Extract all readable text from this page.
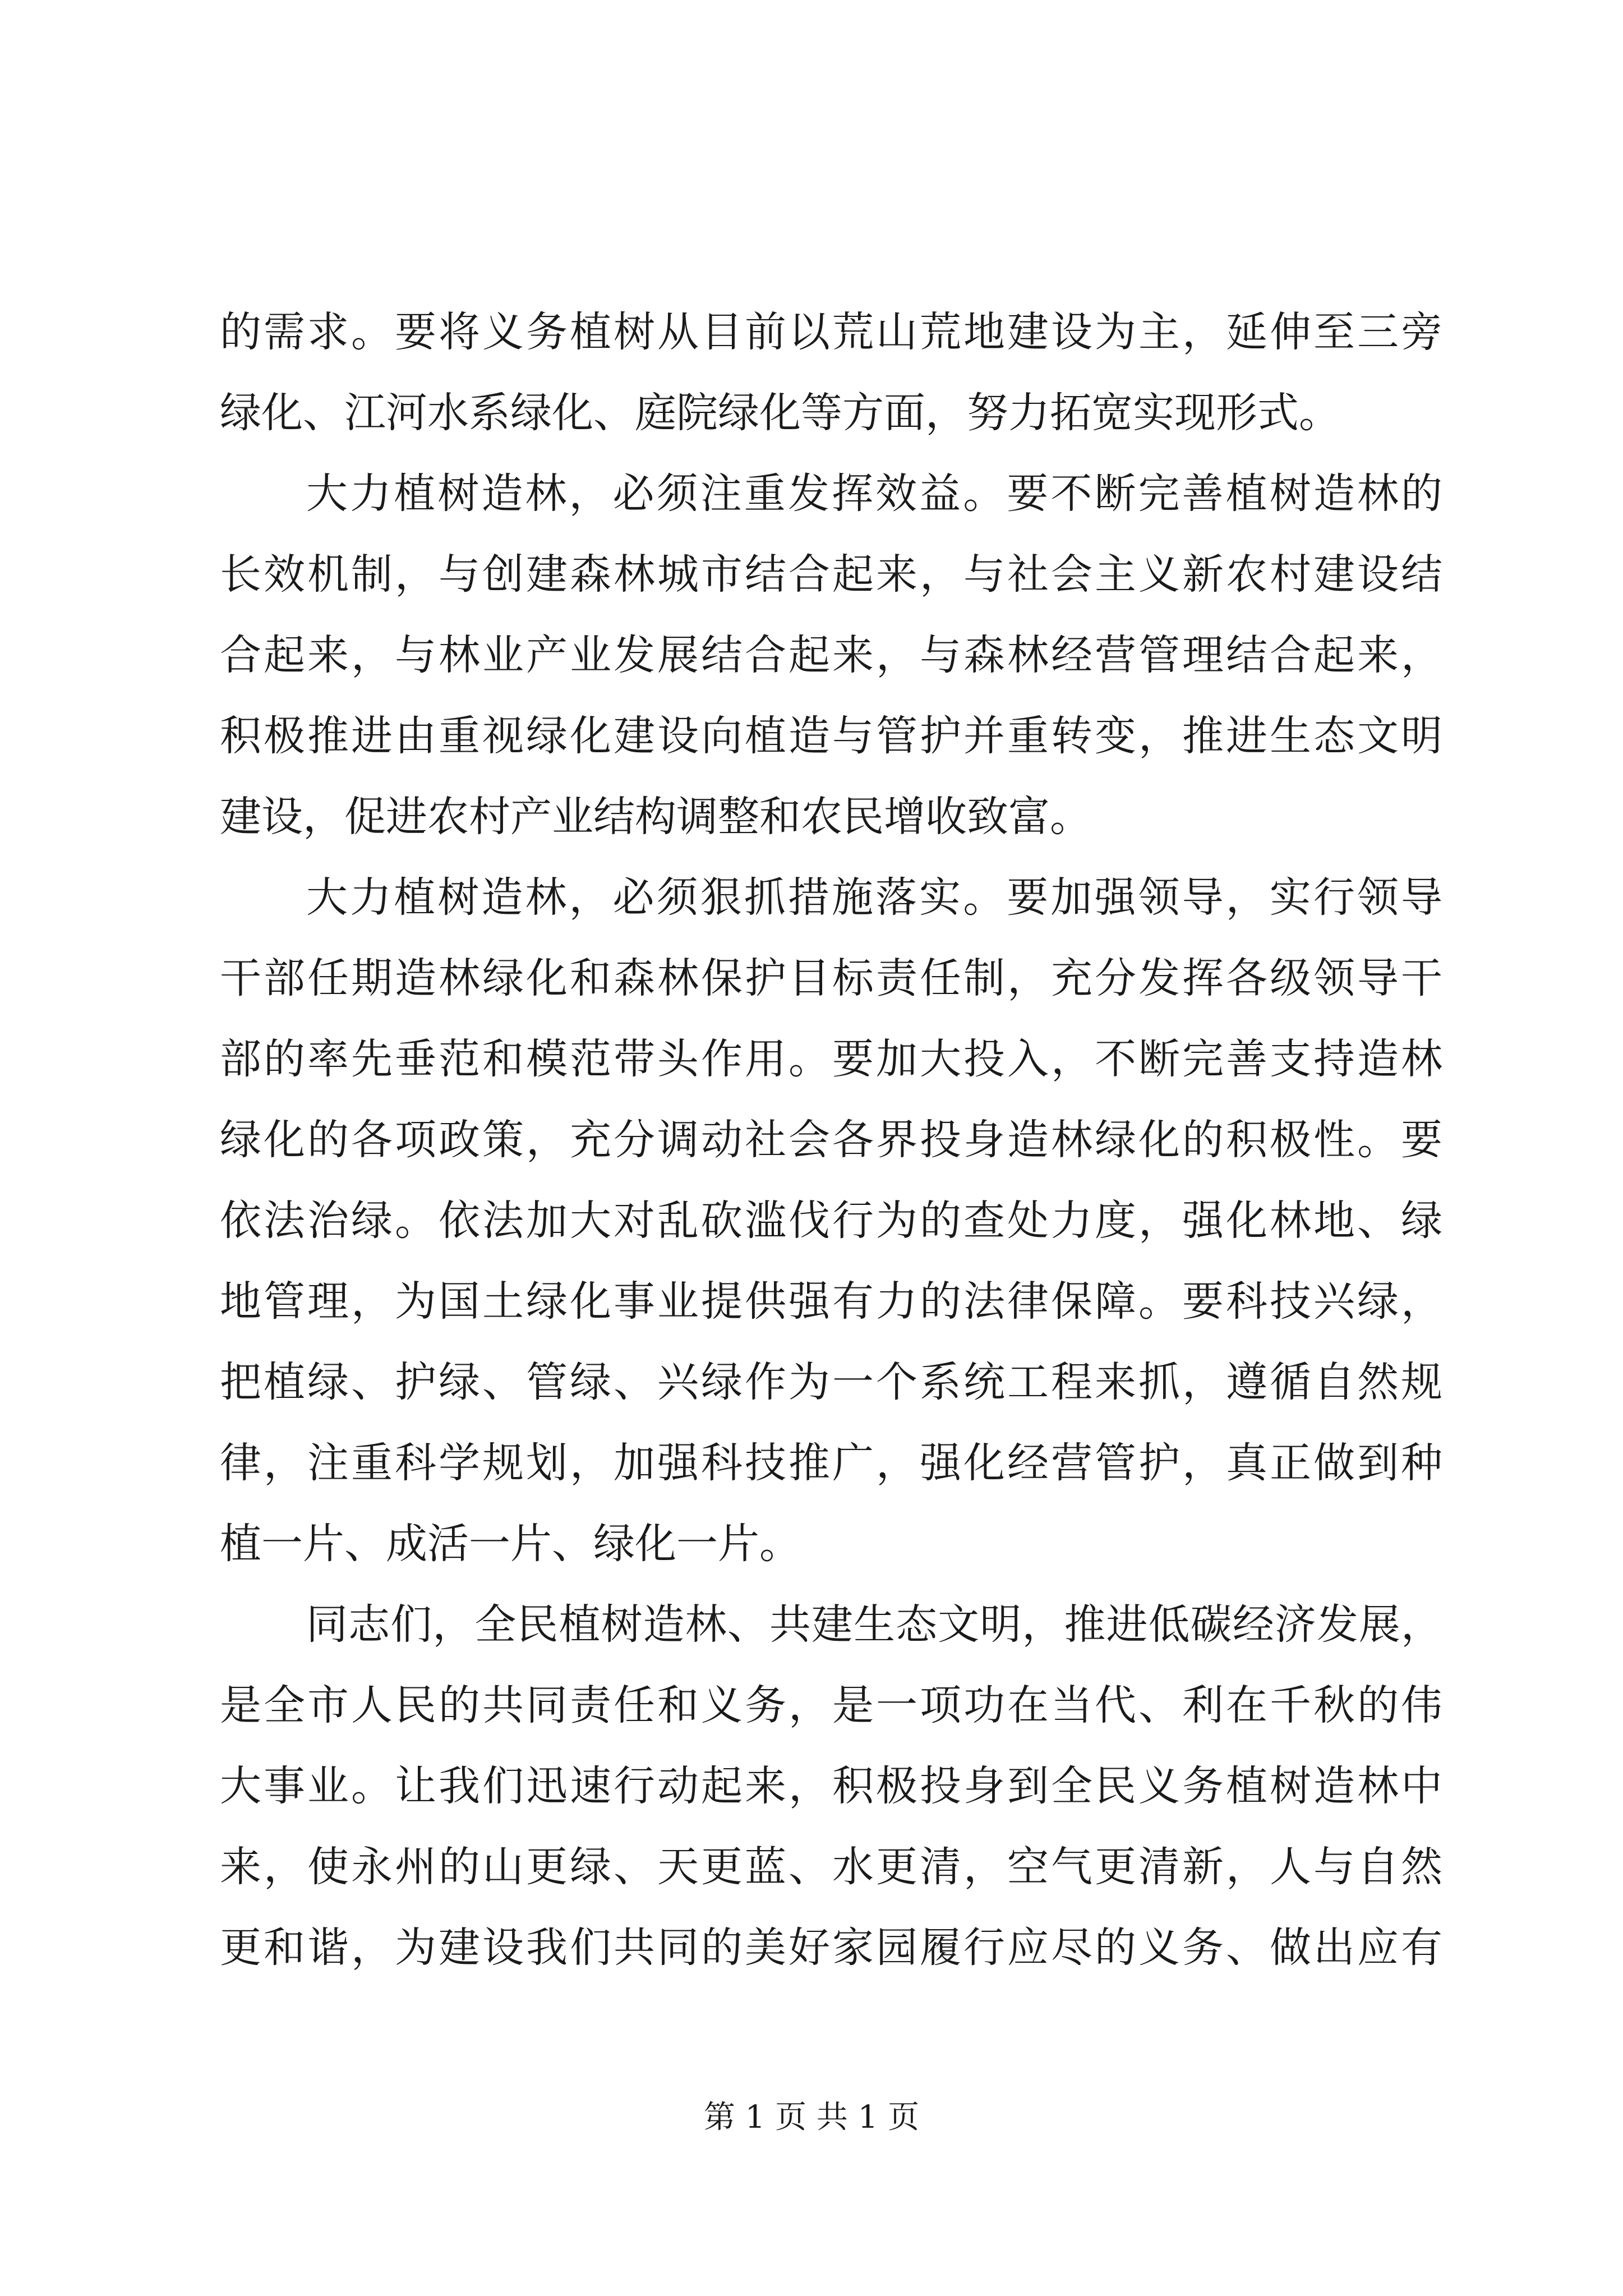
的需求。要将义务植树从目前以荒山荒地建设为主，延伸至三旁
绿化、江河水系绿化、庭院绿化等方面，努力拓宽实现形式。
大力植树造林，必须注重发挥效益。要不断完善植树造林的
长效机制，与创建森林城市结合起来，与社会主义新农村建设结
合起来，与林业产业发展结合起来，与森林经营管理结合起来，
积极推进由重视绿化建设向植造与管护并重转变，推进生态文明
建设，促进农村产业结构调整和农民增收致富。
大力植树造林，必须狠抓措施落实。要加强领导，实行领导
干部任期造林绿化和森林保护目标责任制，充分发挥各级领导干
部的率先垂范和模范带头作用。要加大投入，不断完善支持造林
绿化的各项政策，充分调动社会各界投身造林绿化的积极性。要
依法治绿。依法加大对乱砍滥伐行为的查处力度，强化林地、绿
地管理，为国土绿化事业提供强有力的法律保障。要科技兴绿，
把植绿、护绿、管绿、兴绿作为一个系统工程来抓，遵循自然规
律，注重科学规划，加强科技推广，强化经营管护，真正做到种
植一片、成活一片、绿化一片。
同志们，全民植树造林、共建生态文明，推进低碳经济发展，
是全市人民的共同责任和义务，是一项功在当代、利在千秋的伟
大事业。让我们迅速行动起来，积极投身到全民义务植树造林中
来，使永州的山更绿、天更蓝、水更清，空气更清新，人与自然
更和谐，为建设我们共同的美好家园履行应尽的义务、做出应有
第 1 页 共 1 页
